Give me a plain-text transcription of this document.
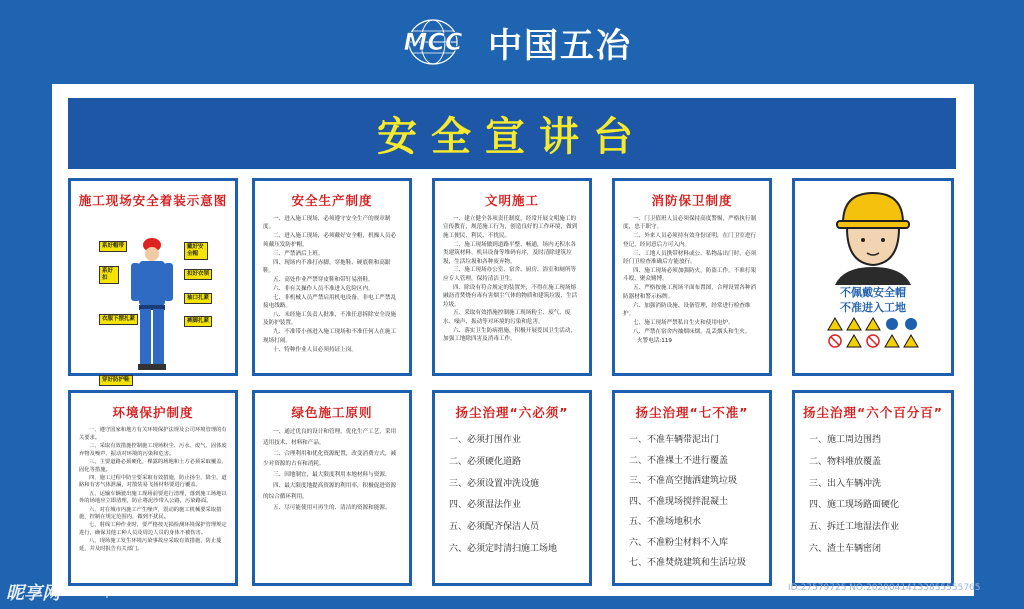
MCC 中国五冶
安全宣讲台
施工现场安全着装示意图
系好帽带	戴好安全帽
系好扣
扣好衣领
袖口扎紧
衣服下摆扎紧	裤脚扎紧
穿好防护鞋
安全生产制度

一、进入施工现场，必须遵守安全生产的规章制度。

二、进入施工现场，必须戴好安全帽，机操人员必须戴压发防护帽。

三、严禁酒后上班。

四、现场内不准打赤脚，穿拖鞋、硬底鞋和高跟鞋。

五、高处作业严禁穿皮鞋和带钉易滑鞋。

六、非有关操作人员不准进入危险区内。

七、非机械人员严禁启用机电设备。非电工严禁乱接电线路。

八、未经施工负责人批准，不准任意拆除安全设施及防护装置。

九、不准带小孩进入施工现场和不准任何人在施工现场打闹。

十、特种作业人员必须持证上岗。

文明施工

一、建立健全各项责任制度，经常开展文明施工的宣传教育，规范施工行为，创造良好的工作环境，做到施工便民、利民、不扰民。

二、施工现场做到道路平整、畅通，场内无积水各类建筑材料、机具设备等堆码有序，及时清除建筑垃圾，生活垃圾和各种废弃物。

三、施工现场办公室、宿舍、厨房、浴室和厕所等应专人管理，保持清洁卫生。

四、除设有符合规定的装置外，不得在施工现场熔融沥青焚烧有毒有害烟尘气体的物质和建筑垃圾、生活垃圾。

五、采取有效措施控制施工现场粉尘、废气、废水、噪声、振动等对环境的污染和危害。

六、落实卫生防病措施，积极开展爱国卫生活动，加强工地除四害及消毒工作。

消防保卫制度

一、门卫值班人员必须保持高度警惕，严格执行制度，忠于职守。

二、外来人员必须持有效身份证明，在门卫室进行登记，经同意后方可入内。

三、工地人员携带材料或公、私物品出门时，必须经门卫检查准确后方能放行。

四、施工现场必须加强防火，防盗工作，不准打架斗殴、聚众赌博。

五、严格按施工现场平面布置图，合理设置各种消防器材和警示标牌。

六、加强消防设施、设备管理，经常进行检查维护。

七、施工现场严禁私自生火和使用电炉。

八、严禁在宿舍内抽烟床烟，乱丢烟头和生火。

火警电话:119

不佩戴安全帽
不准进入工地
环境保护制度

一、遵守国家和地方有关环境保护法规及公司环境管理的有关要求。

二、采取有效措施控制施工现场粉尘、污水、废气、固体废弃物及噪声、振动对环境的污染和危害。

三、主要道路必须硬化，裸露的场地和土方必须采取覆盖、固化等措施。

四、施工过程中防尘要采取有效措施，防止扬尘，降尘，道路和有害气体泄漏，对散装易飞扬材料要进行覆盖。

五、运输车辆驶出施工现场前要进行清理，落到施工场地以外的场地应立即清理，防止将泥沙带入公路，污染路面。

六、对在城市内施工产生噪声，震动的施工机械要采取措施，控制在规定范围内，做到不扰民。

七、射线工种作业时，要严格按无损检测环境保护管理规定进行，确保其他工种人员及周边人员的身体不被伤害。

八、现场施工发生环境污染事故应采取有效措施，防止蔓延，并及时报告有关部门。

绿色施工原则

一、通过优良的设计和管理，优化生产工艺，采用适用技术、材料和产品。

二、合理利用和优化资源配置，改变消费方式，减少对资源的占有和消耗。

三、因地制宜，最大限度利用本地材料与资源。

四、最大限度地提高资源的利用率，积极促进资源的综合循环利用。

五、尽可能使用可再生的、清洁的资源和能源。

扬尘治理“六必须”
一、必须打围作业
二、必须硬化道路
三、必须设置冲洗设施
四、必须湿法作业
五、必须配齐保洁人员
六、必须定时清扫施工场地
扬尘治理“七不准”
一、不准车辆带泥出门
二、不准裸土不进行覆盖
三、不准高空抛洒建筑垃圾
四、不准现场搅拌混凝土
五、不准场地积水
六、不准粉尘材料不入库
七、不准焚烧建筑和生活垃圾
扬尘治理“六个百分百”
一、施工周边围挡
二、物料堆放覆盖
三、出入车辆冲洗
四、施工现场路面硬化
五、拆迁工地湿法作业
六、渣土车辆密闭
昵享网 www.nipic.cc	ID:27579725 NO:20200414133855555765
